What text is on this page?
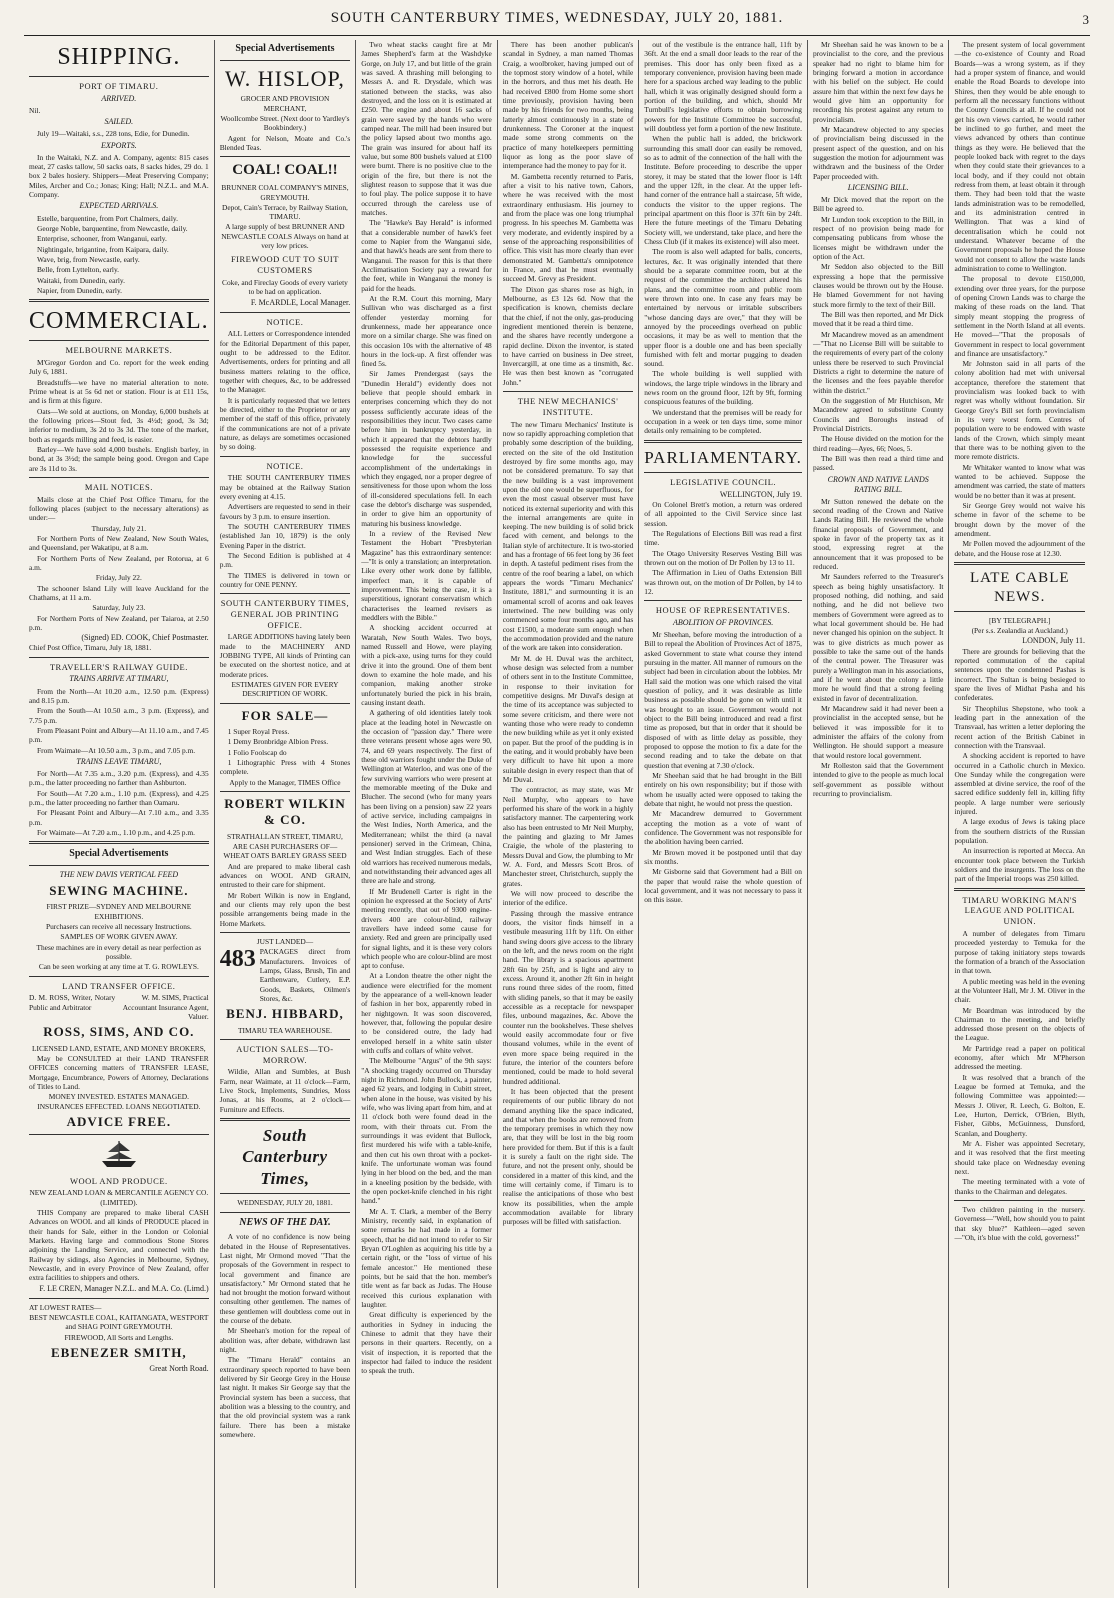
SOUTH CANTERBURY TIMES, WEDNESDAY, JULY 20, 1881.	3
SHIPPING.
PORT OF TIMARU.
ARRIVED.

Nil.

SAILED.

July 19—Waitaki, s.s., 228 tons, Edie, for Dunedin.

EXPORTS.

In the Waitaki, N.Z. and A. Company, agents: 815 cases meat, 27 casks tallow, 50 sacks oats, 8 sacks hides, 29 do. 1 box 2 bales hosiery. Shippers—Meat Preserving Company; Miles, Archer and Co.; Jonas; King; Hall; N.Z.L. and M.A. Company.

EXPECTED ARRIVALS.

Estelle, barquentine, from Port Chalmers, daily.

George Noble, barquentine, from Newcastle, daily.

Enterprise, schooner, from Wanganui, early.

Nightingale, brigantine, from Kaipara, daily.

Wave, brig, from Newcastle, early.

Belle, from Lyttelton, early.

Waitaki, from Dunedin, early.

Napier, from Dunedin, early.

COMMERCIAL.
MELBOURNE MARKETS.

M'Gregor Gordon and Co. report for the week ending July 6, 1881.

Breadstuffs—we have no material alteration to note. Prime wheat is at 5s 6d net or station. Flour is at £11 15s, and is firm at this figure.

Oats—We sold at auctions, on Monday, 6,000 bushels at the following prices—Stout fed, 3s 4½d; good, 3s 3d; inferior to medium, 3s 2d to 3s 3d. The tone of the market, both as regards milling and feed, is easier.

Barley—We have sold 4,000 bushels. English barley, in bond, at 3s 3½d; the sample being good. Oregon and Cape are 3s 11d to 3s.

MAIL NOTICES.

Mails close at the Chief Post Office Timaru, for the following places (subject to the necessary alterations) as under:—

Thursday, July 21.

For Northern Ports of New Zealand, New South Wales, and Queensland, per Wakatipu, at 8 a.m.

For Northern Ports of New Zealand, per Rotorua, at 6 a.m.

Friday, July 22.

The schooner Island Lily will leave Auckland for the Chathams, at 11 a.m.

Saturday, July 23.

For Northern Ports of New Zealand, per Taiaroa, at 2.50 p.m.

(Signed) ED. COOK, Chief Postmaster.

Chief Post Office, Timaru, July 18, 1881.

TRAVELLER'S RAILWAY GUIDE.
TRAINS ARRIVE AT TIMARU,

From the North—At 10.20 a.m., 12.50 p.m. (Express) and 8.15 p.m.

From the South—At 10.50 a.m., 3 p.m. (Express), and 7.75 p.m.

From Pleasant Point and Albury—At 11.10 a.m., and 7.45 p.m.

From Waimate—At 10.50 a.m., 3 p.m., and 7.05 p.m.

TRAINS LEAVE TIMARU,

For North—At 7.35 a.m., 3.20 p.m. (Express), and 4.35 p.m., the latter proceeding no farther than Ashburton.

For South—At 7.20 a.m., 1.10 p.m. (Express), and 4.25 p.m., the latter proceeding no farther than Oamaru.

For Pleasant Point and Albury—At 7.10 a.m., and 3.35 p.m.

For Waimate—At 7.20 a.m., 1.10 p.m., and 4.25 p.m.

Special Advertisements
THE NEW DAVIS VERTICAL FEED
SEWING MACHINE.

FIRST PRIZE—SYDNEY AND MELBOURNE EXHIBITIONS.

Purchasers can receive all necessary Instructions.

SAMPLES OF WORK GIVEN AWAY.

These machines are in every detail as near perfection as possible.

Can be seen working at any time at T. G. ROWLEYS.

LAND TRANSFER OFFICE.
D. M. ROSS, Writer, Notary Public and Arbitrator
W. M. SIMS, Practical Accountant Insurance Agent, Valuer.
ROSS, SIMS, AND CO.

LICENSED LAND, ESTATE, AND MONEY BROKERS,

May be CONSULTED at their LAND TRANSFER OFFICES concerning matters of TRANSFER LEASE, Mortgage, Encumbrance, Powers of Attorney, Declarations of Titles to Land.

MONEY INVESTED. ESTATES MANAGED. INSURANCES EFFECTED. LOANS NEGOTIATED.

ADVICE FREE.
WOOL AND PRODUCE.

NEW ZEALAND LOAN & MERCANTILE AGENCY CO. (LIMITED).

THIS Company are prepared to make liberal CASH Advances on WOOL and all kinds of PRODUCE placed in their hands for Sale, either in the London or Colonial Markets. Having large and commodious Stone Stores adjoining the Landing Service, and connected with the Railway by sidings, also Agencies in Melbourne, Sydney, Newcastle, and in every Province of New Zealand, offer extra facilities to shippers and others.

F. LE CREN, Manager N.Z.L. and M.A. Co. (Limd.)

AT LOWEST RATES—

BEST NEWCASTLE COAL, KAITANGATA, WESTPORT and SHAG POINT GREYMOUTH.

FIREWOOD, All Sorts and Lengths.

EBENEZER SMITH,
Great North Road.
Special Advertisements
W. HISLOP,

GROCER AND PROVISION MERCHANT,

Woollcombe Street. (Next door to Yardley's Bookbindery.)

Agent for Nelson, Moate and Co.'s Blended Teas.

COAL! COAL!!

BRUNNER COAL COMPANY'S MINES, GREYMOUTH.

Depot, Cain's Terrace, by Railway Station, TIMARU.

A large supply of best BRUNNER AND NEWCASTLE COALS Always on hand at very low prices.

FIREWOOD CUT TO SUIT CUSTOMERS

Coke, and Fireclay Goods of every variety to be had on application.

F. McARDLE, Local Manager.
NOTICE.

ALL Letters or Correspondence intended for the Editorial Department of this paper, ought to be addressed to the Editor. Advertisements, orders for printing and all business matters relating to the office, together with cheques, &c, to be addressed to the Manager.

It is particularly requested that we letters be directed, either to the Proprietor or any member of the staff of this office, privately if the communications are not of a private nature, as delays are sometimes occasioned by so doing.

NOTICE.

THE SOUTH CANTERBURY TIMES may be obtained at the Railway Station every evening at 4.15.

Advertisers are requested to send in their favours by 3 p.m. to ensure insertion.

The SOUTH CANTERBURY TIMES (established Jan 10, 1879) is the only Evening Paper in the district.

The Second Edition is published at 4 p.m.

The TIMES is delivered in town or country for ONE PENNY.

SOUTH CANTERBURY TIMES, GENERAL JOB PRINTING OFFICE.

LARGE ADDITIONS having lately been made to the MACHINERY AND JOBBING TYPE, All kinds of Printing can be executed on the shortest notice, and at moderate prices.

ESTIMATES GIVEN FOR EVERY DESCRIPTION OF WORK.

FOR SALE—

1 Super Royal Press.

1 Demy Bronbridge Albion Press.

1 Folio Foolscap do

1 Lithographic Press with 4 Stones complete.

Apply to the Manager, TIMES Office

ROBERT WILKIN & CO.

STRATHALLAN STREET, TIMARU,

ARE CASH PURCHASERS OF— WHEAT OATS BARLEY GRASS SEED

And are prepared to make liberal cash advances on WOOL AND GRAIN, entrusted to their care for shipment.

Mr Robert Wilkin is now in England, and our clients may rely upon the best possible arrangements being made in the Home Markets.

JUST LANDED—

483 PACKAGES direct from Manufacturers. Invoices of Lamps, Glass, Brush, Tin and Earthenware, Cutlery, E.P. Goods, Baskets, Oilmen's Stores, &c.
BENJ. HIBBARD,

TIMARU TEA WAREHOUSE.

AUCTION SALES—TO-MORROW.

Wildie, Allan and Sumbles, at Bush Farm, near Waimate, at 11 o'clock—Farm, Live Stock, Implements, Sundries, Moss Jonas, at his Rooms, at 2 o'clock—Furniture and Effects.

South Canterbury Times,

WEDNESDAY, JULY 20, 1881.

NEWS OF THE DAY.

A vote of no confidence is now being debated in the House of Representatives. Last night, Mr Ormond moved "That the proposals of the Government in respect to local government and finance are unsatisfactory." Mr Ormond stated that he had not brought the motion forward without consulting other gentlemen. The names of these gentlemen will doubtless come out in the course of the debate.

Mr Sheehan's motion for the repeal of abolition was, after debate, withdrawn last night.

The "Timaru Herald" contains an extraordinary speech reported to have been delivered by Sir George Grey in the House last night. It makes Sir George say that the Provincial system has been a success, that abolition was a blessing to the country, and that the old provincial system was a rank failure. There has been a mistake somewhere.

Two wheat stacks caught fire at Mr James Shepherd's farm at the Washdyke Gorge, on July 17, and but little of the grain was saved. A thrashing mill belonging to Messrs A. and R. Drysdale, which was stationed between the stacks, was also destroyed, and the loss on it is estimated at £250. The engine and about 16 sacks of grain were saved by the hands who were camped near. The mill had been insured but the policy lapsed about two months ago. The grain was insured for about half its value, but some 800 bushels valued at £100 were burnt. There is no positive clue to the origin of the fire, but there is not the slightest reason to suppose that it was due to foul play. The police suppose it to have occurred through the careless use of matches.

The "Hawke's Bay Herald" is informed that a considerable number of hawk's feet come to Napier from the Wanganui side, and that hawk's heads are sent from there to Wanganui. The reason for this is that there Acclimatisation Society pay a reward for the feet, while in Wanganui the money is paid for the heads.

At the R.M. Court this morning, Mary Sullivan who was discharged as a first offender yesterday morning for drunkenness, made her appearance once more on a similar charge. She was fined on this occasion 10s with the alternative of 48 hours in the lock-up. A first offender was fined 5s.

Sir James Prendergast (says the "Dunedin Herald") evidently does not believe that people should embark in enterprises concerning which they do not possess sufficiently accurate ideas of the responsibilities they incur. Two cases came before him in bankruptcy yesterday, in which it appeared that the debtors hardly possessed the requisite experience and knowledge for the successful accomplishment of the undertakings in which they engaged, nor a proper degree of sensitiveness for those upon whom the loss of ill-considered speculations fell. In each case the debtor's discharge was suspended, in order to give him an opportunity of maturing his business knowledge.

In a review of the Revised New Testament the Hobart "Presbyterian Magazine" has this extraordinary sentence:—"It is only a translation; an interpretation. Like every other work done by fallible, imperfect man, it is capable of improvement. This being the case, it is a superstitious, ignorant conservatism which characterises the learned revisers as meddlers with the Bible."

A shocking accident occurred at Waratah, New South Wales. Two boys, named Russell and Howe, were playing with a pick-axe, using turns for they could drive it into the ground. One of them bent down to examine the hole made, and his companion, making another stroke unfortunately buried the pick in his brain, causing instant death.

A gathering of old identities lately took place at the leading hotel in Newcastle on the occasion of "passion day." There were three veterans present whose ages were 90, 74, and 69 years respectively. The first of these old warriors fought under the Duke of Wellington at Waterloo, and was one of the few surviving warriors who were present at the memorable meeting of the Duke and Blucher. The second (who for many years has been living on a pension) saw 22 years of active service, including campaigns in the West Indies, North America, and the Mediterranean; whilst the third (a naval pensioner) served in the Crimean, China, and West Indian struggles. Each of these old warriors has received numerous medals, and notwithstanding their advanced ages all three are hale and strong.

If Mr Brudenell Carter is right in the opinion he expressed at the Society of Arts' meeting recently, that out of 9300 engine-drivers 400 are colour-blind, railway travellers have indeed some cause for anxiety. Red and green are principally used for signal lights, and it is these very colors which people who are colour-blind are most apt to confuse.

At a London theatre the other night the audience were electrified for the moment by the appearance of a well-known leader of fashion in her box, apparently robed in her nightgown. It was soon discovered, however, that, following the popular desire to be considered outre, the lady had enveloped herself in a white satin ulster with cuffs and collars of white velvet.

The Melbourne "Argus" of the 9th says: "A shocking tragedy occurred on Thursday night in Richmond. John Bullock, a painter, aged 62 years, and lodging in Cubitt street, when alone in the house, was visited by his wife, who was living apart from him, and at 11 o'clock both were found dead in the room, with their throats cut. From the surroundings it was evident that Bullock, first murdered his wife with a table-knife, and then cut his own throat with a pocket-knife. The unfortunate woman was found lying in her blood on the bed, and the man in a kneeling position by the bedside, with the open pocket-knife clenched in his right hand."

Mr A. T. Clark, a member of the Berry Ministry, recently said, in explanation of some remarks he had made in a former speech, that he did not intend to refer to Sir Bryan O'Loghlen as acquiring his title by a certain right, or the "loss of virtue of his female ancestor." He mentioned these points, but he said that the hon. member's title went as far back as Judas. The House received this curious explanation with laughter.

Great difficulty is experienced by the authorities in Sydney in inducing the Chinese to admit that they have their persons in their quarters. Recently, on a visit of inspection, it is reported that the inspector had failed to induce the resident to speak the truth.

There has been another publican's scandal in Sydney, a man named Thomas Craig, a woolbroker, having jumped out of the topmost story window of a hotel, while in the horrors, and thus met his death. He had received £800 from Home some short time previously, provision having been made by his friends for two months, being latterly almost continuously in a state of drunkenness. The Coroner at the inquest made some strong comments on the practice of many hotelkeepers permitting liquor as long as the poor slave of intemperance had the money to pay for it.

M. Gambetta recently returned to Paris, after a visit to his native town, Cahors, where he was received with the most extraordinary enthusiasm. His journey to and from the place was one long triumphal progress. In his speeches M. Gambetta was very moderate, and evidently inspired by a sense of the approaching responsibilities of office. This visit has more clearly than ever demonstrated M. Gambetta's omnipotence in France, and that he must eventually succeed M. Grevy as President.

The Dixon gas shares rose as high, in Melbourne, as £3 12s 6d. Now that the specification is known, chemists declare that the chief, if not the only, gas-producing ingredient mentioned therein is benzene, and the shares have recently undergone a rapid decline. Dixon the inventor, is stated to have carried on business in Dee street, Invercargill, at one time as a tinsmith, &c. He was then best known as "corrugated John."

THE NEW MECHANICS' INSTITUTE.

The new Timaru Mechanics' Institute is now so rapidly approaching completion that probably some description of the building, erected on the site of the old Institution destroyed by fire some months ago, may not be considered premature. To say that the new building is a vast improvement upon the old one would be superfluous, for even the most casual observer must have noticed its external superiority and with this the internal arrangements are quite in keeping. The new building is of solid brick faced with cement, and belongs to the Italian style of architecture. It is two-storied and has a frontage of 66 feet long by 36 feet in depth. A tasteful pediment rises from the centre of the roof bearing a label, on which appears the words "Timaru Mechanics' Institute, 1881," and surmounting it is an ornamental scroll of acorns and oak leaves intertwined. The new building was only commenced some four months ago, and has cost £1500, a moderate sum enough when the accommodation provided and the nature of the work are taken into consideration.

Mr M. de H. Duval was the architect, whose design was selected from a number of others sent in to the Institute Committee, in response to their invitation for competitive designs. Mr Duval's design at the time of its acceptance was subjected to some severe criticism, and there were not wanting those who were ready to condemn the new building while as yet it only existed on paper. But the proof of the pudding is in the eating, and it would probably have been very difficult to have hit upon a more suitable design in every respect than that of Mr Duval.

The contractor, as may state, was Mr Neil Murphy, who appears to have performed his share of the work in a highly satisfactory manner. The carpentering work also has been entrusted to Mr Neil Murphy, the painting and glazing to Mr James Craigie, the whole of the plastering to Messrs Duval and Gow, the plumbing to Mr W. A. Ford, and Messrs Scott Bros. of Manchester street, Christchurch, supply the grates.

We will now proceed to describe the interior of the edifice.

Passing through the massive entrance doors, the visitor finds himself in a vestibule measuring 11ft by 11ft. On either hand swing doors give access to the library on the left, and the news room on the right hand. The library is a spacious apartment 28ft 6in by 25ft, and is light and airy to excess. Around it, another 2ft 6in in height runs round three sides of the room, fitted with sliding panels, so that it may be easily accessible as a receptacle for newspaper files, unbound magazines, &c. Above the counter run the bookshelves. These shelves would easily accommodate four or five thousand volumes, while in the event of even more space being required in the future, the interior of the counters before mentioned, could be made to hold several hundred additional.

It has been objected that the present requirements of our public library do not demand anything like the space indicated, and that when the books are removed from the temporary premises in which they now are, that they will be lost in the big room here provided for them. But if this is a fault it is surely a fault on the right side. The future, and not the present only, should be considered in a matter of this kind, and the time will certainly come, if Timaru is to realise the anticipations of those who best know its possibilities, when the ample accommodation available for library purposes will be filled with satisfaction.

out of the vestibule is the entrance hall, 11ft by 36ft. At the end a small door leads to the rear of the premises. This door has only been fixed as a temporary convenience, provision having been made here for a spacious arched way leading to the public hall, which it was originally designed should form a portion of the building, and which, should Mr Turnbull's legislative efforts to obtain borrowing powers for the Institute Committee be successful, will doubtless yet form a portion of the new Institute.

When the public hall is added, the brickwork surrounding this small door can easily be removed, so as to admit of the connection of the hall with the Institute. Before proceeding to describe the upper storey, it may be stated that the lower floor is 14ft and the upper 12ft, in the clear. At the upper left-hand corner of the entrance hall a staircase, 5ft wide, conducts the visitor to the upper regions. The principal apartment on this floor is 37ft 6in by 24ft. Here the future meetings of the Timaru Debating Society will, we understand, take place, and here the Chess Club (if it makes its existence) will also meet.

The room is also well adapted for balls, concerts, lectures, &c. It was originally intended that there should be a separate committee room, but at the request of the committee the architect altered his plans, and the committee room and public room were thrown into one. In case any fears may be entertained by nervous or irritable subscribers "whose dancing days are over," that they will be annoyed by the proceedings overhead on public occasions, it may be as well to mention that the upper floor is a double one and has been specially furnished with felt and mortar pugging to deaden sound.

The whole building is well supplied with windows, the large triple windows in the library and news room on the ground floor, 12ft by 9ft, forming conspicuous features of the building.

We understand that the premises will be ready for occupation in a week or ten days time, some minor details only remaining to be completed.

PARLIAMENTARY.
LEGISLATIVE COUNCIL.
WELLINGTON, July 19.

On Colonel Brett's motion, a return was ordered of all appointed to the Civil Service since last session.

The Regulations of Elections Bill was read a first time.

The Otago University Reserves Vesting Bill was thrown out on the motion of Dr Pollen by 13 to 11.

The Affirmation in Lieu of Oaths Extension Bill was thrown out, on the motion of Dr Pollen, by 14 to 12.

HOUSE OF REPRESENTATIVES.
ABOLITION OF PROVINCES.

Mr Sheehan, before moving the introduction of a Bill to repeal the Abolition of Provinces Act of 1875, asked Government to state what course they intend pursuing in the matter. All manner of rumours on the subject had been in circulation about the lobbies. Mr Hall said the motion was one which raised the vital question of policy, and it was desirable as little business as possible should be gone on with until it was brought to an issue. Government would not object to the Bill being introduced and read a first time as proposed, but that in order that it should be disposed of with as little delay as possible, they proposed to oppose the motion to fix a date for the second reading and to take the debate on that question that evening at 7.30 o'clock.

Mr Sheehan said that he had brought in the Bill entirely on his own responsibility; but if those with whom he usually acted were opposed to taking the debate that night, he would not press the question.

Mr Macandrew demurred to Government accepting the motion as a vote of want of confidence. The Government was not responsible for the abolition having been carried.

Mr Brown moved it be postponed until that day six months.

Mr Gisborne said that Government had a Bill on the paper that would raise the whole question of local government, and it was not necessary to pass it on this issue.

Mr Sheehan said he was known to be a provincialist to the core, and the previous speaker had no right to blame him for bringing forward a motion in accordance with his belief on the subject. He could assure him that within the next few days he would give him an opportunity for recording his protest against any return to provincialism.

Mr Macandrew objected to any species of provincialism being discussed in the present aspect of the question, and on his suggestion the motion for adjournment was withdrawn and the business of the Order Paper proceeded with.

LICENSING BILL.

Mr Dick moved that the report on the Bill be agreed to.

Mr Lundon took exception to the Bill, in respect of no provision being made for compensating publicans from whose the licenses might be withdrawn under the option of the Act.

Mr Seddon also objected to the Bill expressing a hope that the permissive clauses would be thrown out by the House. He blamed Government for not having stuck more firmly to the text of their Bill.

The Bill was then reported, and Mr Dick moved that it be read a third time.

Mr Macandrew moved as an amendment —"That no License Bill will be suitable to the requirements of every part of the colony unless there be reserved to such Provincial Districts a right to determine the nature of the licenses and the fees payable therefor within the district."

On the suggestion of Mr Hutchison, Mr Macandrew agreed to substitute County Councils and Boroughs instead of Provincial Districts.

The House divided on the motion for the third reading—Ayes, 66; Noes, 5.

The Bill was then read a third time and passed.

CROWN AND NATIVE LANDS RATING BILL.

Mr Sutton renewed the debate on the second reading of the Crown and Native Lands Rating Bill. He reviewed the whole financial proposals of Government, and spoke in favor of the property tax as it stood, expressing regret at the announcement that it was proposed to be reduced.

Mr Saunders referred to the Treasurer's speech as being highly unsatisfactory. It proposed nothing, did nothing, and said nothing, and he did not believe two members of Government were agreed as to what local government should be. He had never changed his opinion on the subject. It was to give districts as much power as possible to take the same out of the hands of the central power. The Treasurer was purely a Wellington man in his associations, and if he went about the colony a little more he would find that a strong feeling existed in favor of decentralization.

Mr Macandrew said it had never been a provincialist in the accepted sense, but he believed it was impossible for it to administer the affairs of the colony from Wellington. He should support a measure that would restore local government.

Mr Rolleston said that the Government intended to give to the people as much local self-government as possible without recurring to provincialism.

The present system of local government —the co-existence of County and Road Boards—was a wrong system, as if they had a proper system of finance, and would enable the Road Boards to develope into Shires, then they would be able enough to perform all the necessary functions without the County Councils at all. If he could not get his own views carried, he would rather be inclined to go further, and meet the views advanced by others than continue things as they were. He believed that the people looked back with regret to the days when they could state their grievances to a local body, and if they could not obtain redress from them, at least obtain it through them. They had been told that the waste lands administration was to be remodelled, and its administration centred in Wellington. That was a kind of decentralisation which he could not understand. Whatever became of the Government proposals he hoped the House would not consent to allow the waste lands administration to come to Wellington.

The proposal to devote £150,000, extending over three years, for the purpose of opening Crown Lands was to charge the making of these roads on the land. That simply meant stopping the progress of settlement in the North Island at all events. He moved—"That the proposals of Government in respect to local government and finance are unsatisfactory."

Mr Johnston said in all parts of the colony abolition had met with universal acceptance, therefore the statement that provincialism was looked back to with regret was wholly without foundation. Sir George Grey's Bill set forth provincialism in its very worst form. Centres of population were to be endowed with waste lands of the Crown, which simply meant that there was to be nothing given to the more remote districts.

Mr Whitaker wanted to know what was wanted to be achieved. Suppose the amendment was carried, the state of matters would be no better than it was at present.

Sir George Grey would not waive his scheme in favor of the scheme to be brought down by the mover of the amendment.

Mr Pollen moved the adjournment of the debate, and the House rose at 12.30.

LATE CABLE NEWS.

[BY TELEGRAPH.]

(Per s.s. Zealandia at Auckland.)

LONDON, July 11.

There are grounds for believing that the reported commutation of the capital sentences upon the condemned Pashas is incorrect. The Sultan is being besieged to spare the lives of Midhat Pasha and his confederates.

Sir Theophilus Shepstone, who took a leading part in the annexation of the Transvaal, has written a letter deploring the recent action of the British Cabinet in connection with the Transvaal.

A shocking accident is reported to have occurred in a Catholic church in Mexico. One Sunday while the congregation were assembled at divine service, the roof of the sacred edifice suddenly fell in, killing fifty people. A large number were seriously injured.

A large exodus of Jews is taking place from the southern districts of the Russian population.

An insurrection is reported at Mecca. An encounter took place between the Turkish soldiers and the insurgents. The loss on the part of the Imperial troops was 250 killed.

TIMARU WORKING MAN'S LEAGUE AND POLITICAL UNION.

A number of delegates from Timaru proceeded yesterday to Temuka for the purpose of taking initiatory steps towards the formation of a branch of the Association in that town.

A public meeting was held in the evening at the Volunteer Hall, Mr J. M. Oliver in the chair.

Mr Boardman was introduced by the Chairman to the meeting, and briefly addressed those present on the objects of the League.

Mr Partridge read a paper on political economy, after which Mr M'Pherson addressed the meeting.

It was resolved that a branch of the League be formed at Temuka, and the following Committee was appointed:—Messrs J. Oliver, R. Leech, G. Bolton, E. Lee, Hurton, Derrick, O'Brien, Blyth, Fisher, Gibbs, McGuinness, Dunsford, Scanlan, and Dougherty.

Mr A. Fisher was appointed Secretary, and it was resolved that the first meeting should take place on Wednesday evening next.

The meeting terminated with a vote of thanks to the Chairman and delegates.

Two children painting in the nursery. Governess—"Well, how should you to paint that sky blue?" Kathleen—aged seven—"Oh, it's blue with the cold, governess!"
